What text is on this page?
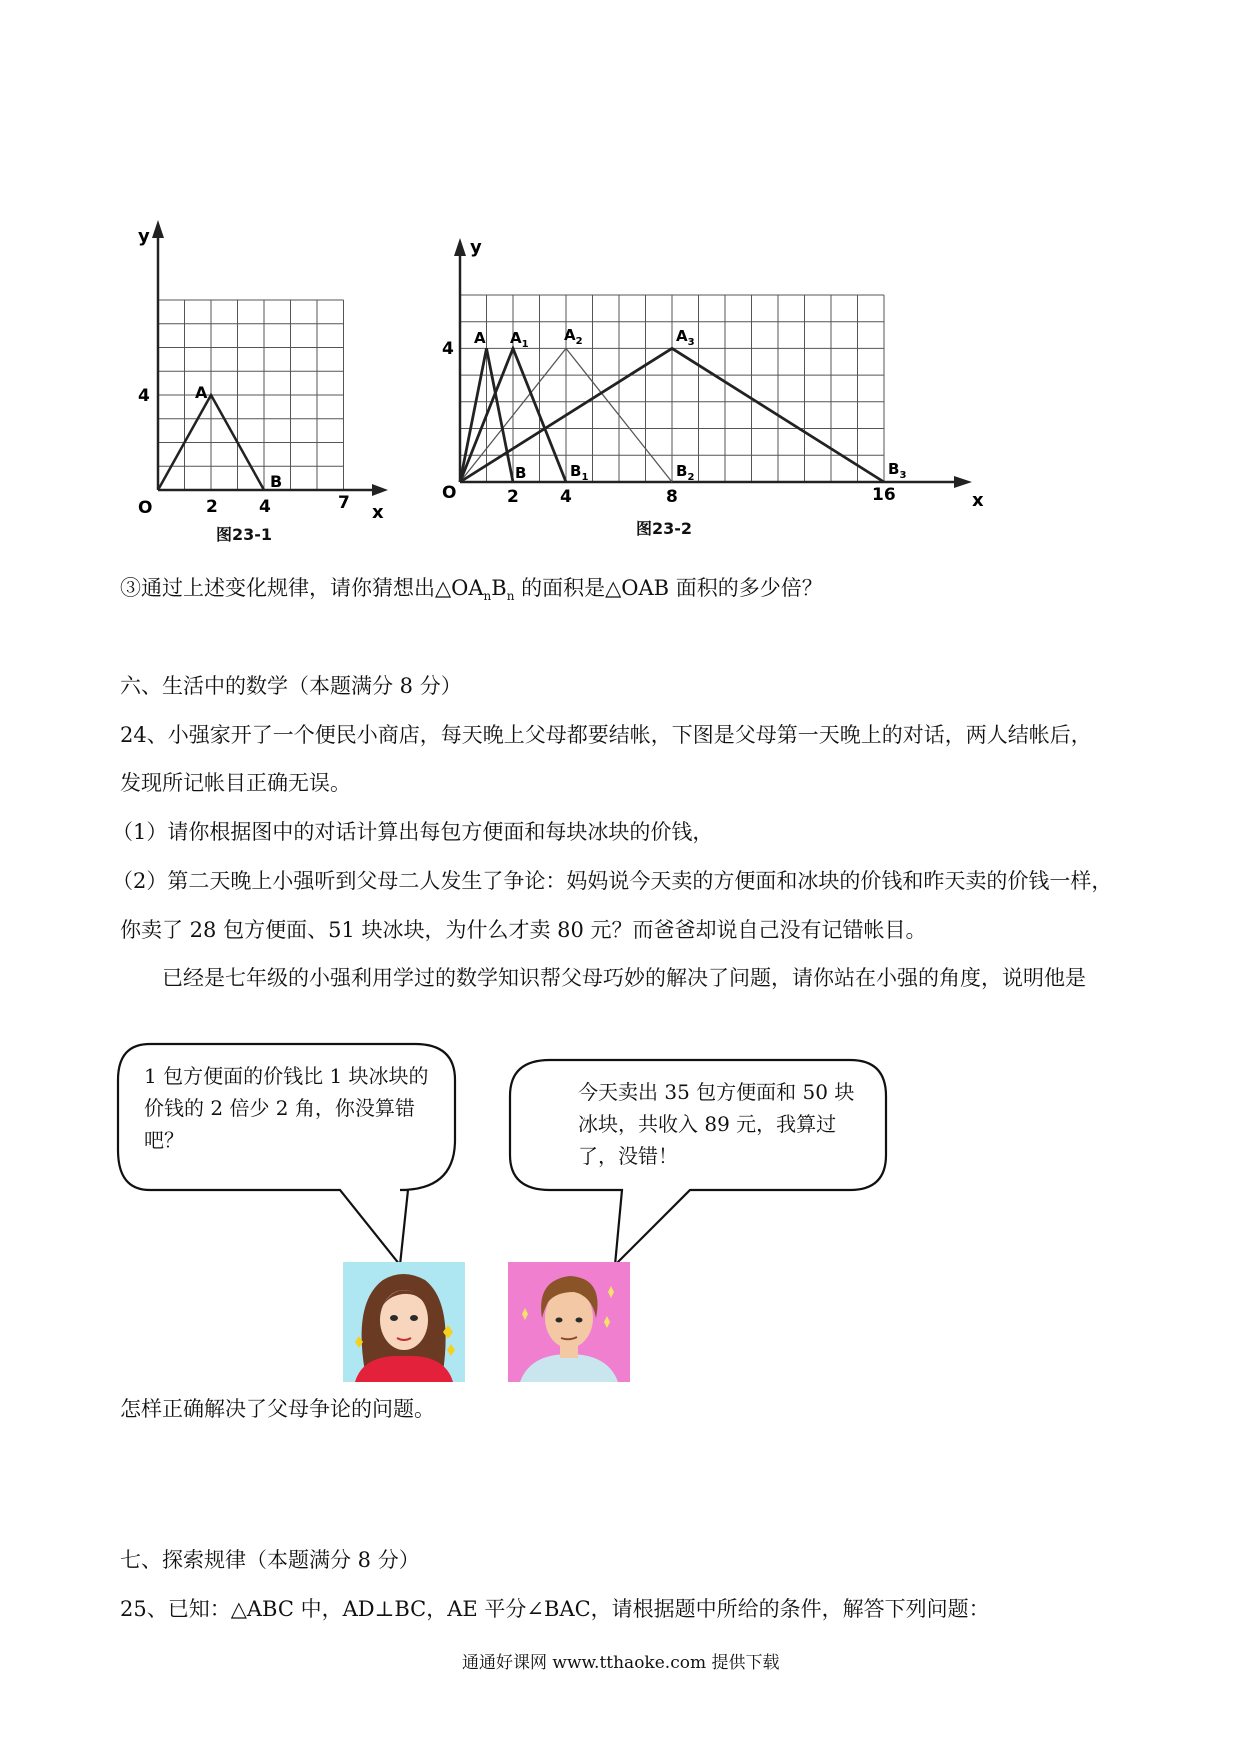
y
4	A
B
O	2 4	7 x
图23-1
y
4
A $A_1$
$A_2$	$A_3$
B	$B_1$	$B_2$	$B_3$
O	2 4	8	16	x
图23-2
③通过上述变化规律，请你猜想出$\triangle OA_nB_n$ 的面积是△OAB 面积的多少倍？
六、生活中的数学（本题满分 8 分）
24、小强家开了一个便民小商店，每天晚上父母都要结帐，下图是父母第一天晚上的对话，两人结帐后，
发现所记帐目正确无误。
（1）请你根据图中的对话计算出每包方便面和每块冰块的价钱，
（2）第二天晚上小强听到父母二人发生了争论：妈妈说今天卖的方便面和冰块的价钱和昨天卖的价钱一样，
你卖了 28 包方便面、51 块冰块，为什么才卖 80 元？而爸爸却说自己没有记错帐目。
已经是七年级的小强利用学过的数学知识帮父母巧妙的解决了问题，请你站在小强的角度，说明他是
1 包方便面的价钱比 1 块冰块的价钱的 2 倍少 2 角，你没算错吧？
今天卖出 35 包方便面和 50 块冰块，共收入 89 元，我算过了，没错！
怎样正确解决了父母争论的问题。
七、探索规律（本题满分 8 分）
25、已知：△ABC 中，AD⊥BC，AE 平分∠BAC，请根据题中所给的条件，解答下列问题：
通通好课网 www.tthaoke.com 提供下载
